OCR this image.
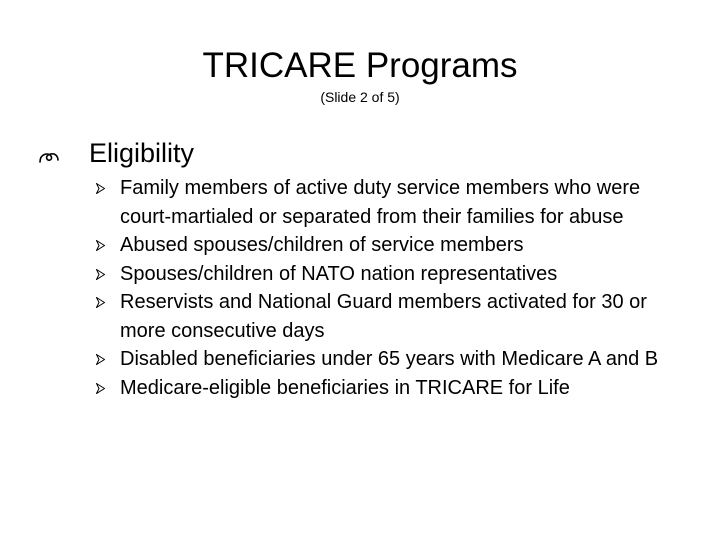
TRICARE Programs
(Slide 2 of 5)
Eligibility
Family members of active duty service members who were court-martialed or separated from their families for abuse
Abused spouses/children of service members
Spouses/children of NATO nation representatives
Reservists and National Guard members activated for 30 or more consecutive days
Disabled beneficiaries under 65 years with Medicare A and B
Medicare-eligible beneficiaries in TRICARE for Life
